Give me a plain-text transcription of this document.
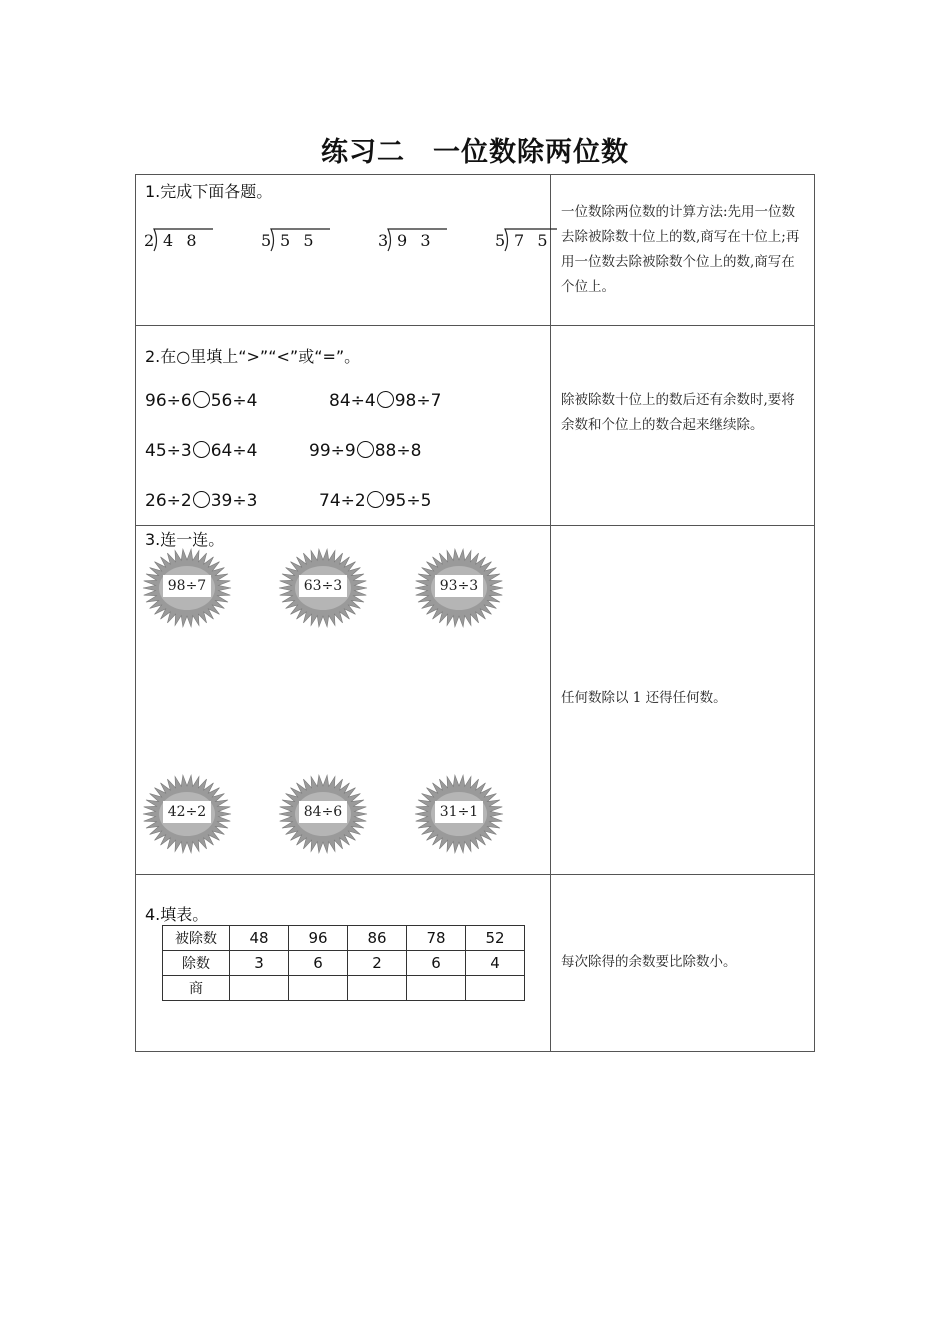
练习二 一位数除两位数
1.完成下面各题。
2 4  8	5 5  5	3 9  3	5 7  5
一位数除两位数的计算方法:先用一位数去除被除数十位上的数,商写在十位上;再用一位数去除被除数个位上的数,商写在个位上。
2.在○里填上“>”“<”或“=”。
96÷6 56÷4	84÷4 98÷7
45÷3 64÷4	99÷9 88÷8
26÷2 39÷3	74÷2 95÷5
除被除数十位上的数后还有余数时,要将余数和个位上的数合起来继续除。
3.连一连。
98÷7	63÷3	93÷3
42÷2	84÷6	31÷1
任何数除以 1 还得任何数。
4.填表。
被除数	48	96	86	78	52
除数	3	6	2	6	4
商					
每次除得的余数要比除数小。
